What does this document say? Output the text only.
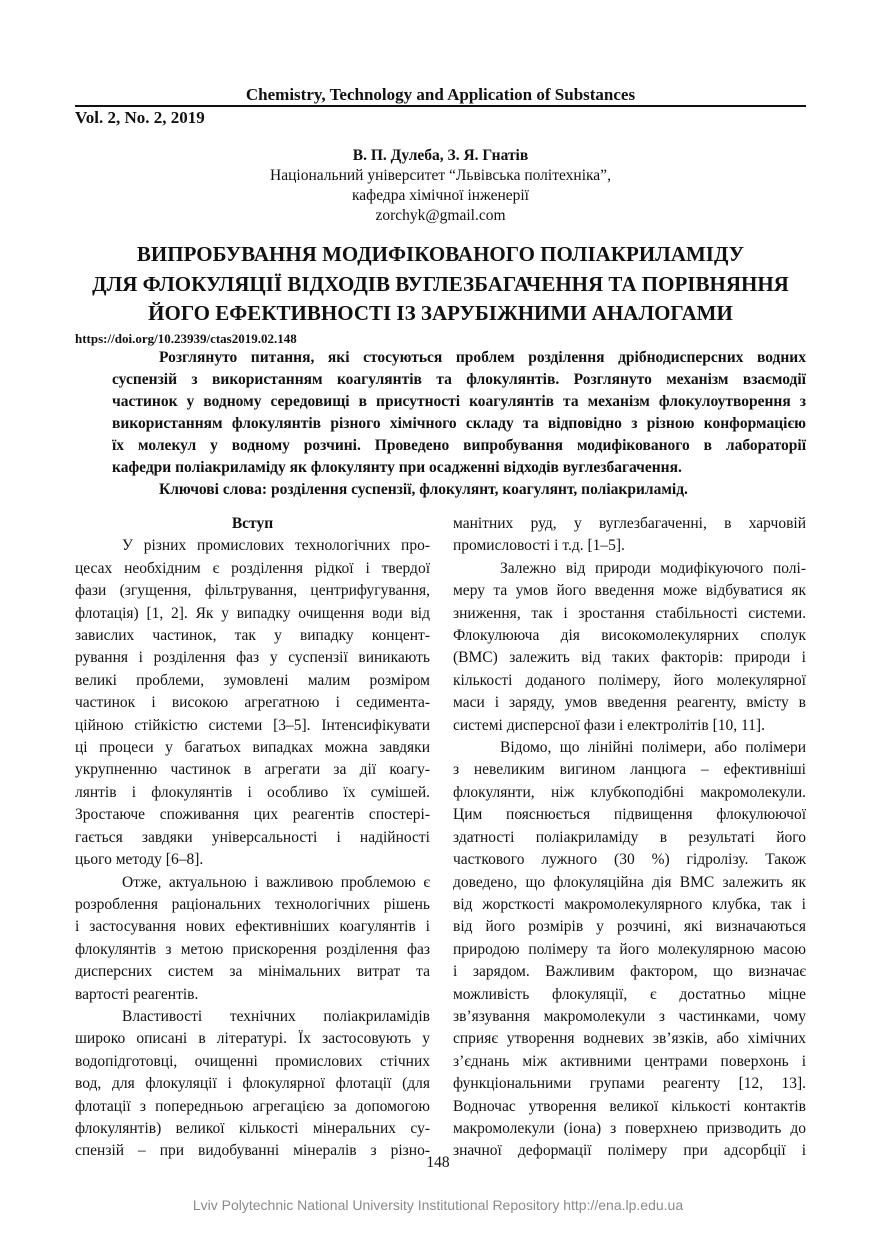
Chemistry, Technology and Application of Substances
Vol. 2, No. 2, 2019
В. П. Дулеба, З. Я. Гнатів
Національний університет “Львівська політехніка”,
кафедра хімічної інженерії
zorchyk@gmail.com
ВИПРОБУВАННЯ МОДИФІКОВАНОГО ПОЛІАКРИЛАМІДУ
ДЛЯ ФЛОКУЛЯЦІЇ ВІДХОДІВ ВУГЛЕЗБАГАЧЕННЯ ТА ПОРІВНЯННЯ
ЙОГО ЕФЕКТИВНОСТІ ІЗ ЗАРУБІЖНИМИ АНАЛОГАМИ
https://doi.org/10.23939/ctas2019.02.148
Розглянуто питання, які стосуються проблем розділення дрібнодисперсних водних
суспензій з використанням коагулянтів та флокулянтів. Розглянуто механізм взаємодії
частинок у водному середовищі в присутності коагулянтів та механізм флокулоутворення з
використанням флокулянтів різного хімічного складу та відповідно з різною конформацією
їх молекул у водному розчині. Проведено випробування модифікованого в лабораторії
кафедри поліакриламіду як флокулянту при осадженні відходів вуглезбагачення.
Ключові слова: розділення суспензії, флокулянт, коагулянт, поліакриламід.
Вступ
У різних промислових технологічних про-
цесах необхідним є розділення рідкої і твердої
фази (згущення, фільтрування, центрифугування,
флотація) [1, 2]. Як у випадку очищення води від
завислих частинок, так у випадку концент-
рування і розділення фаз у суспензії виникають
великі проблеми, зумовлені малим розміром
частинок і високою агрегатною і седимента-
ційною стійкістю системи [3–5]. Інтенсифікувати
ці процеси у багатьох випадках можна завдяки
укрупненню частинок в агрегати за дії коагу-
лянтів і флокулянтів і особливо їх сумішей.
Зростаюче споживання цих реагентів спостері-
гається завдяки універсальності і надійності
цього методу [6–8].
Отже, актуальною і важливою проблемою є
розроблення раціональних технологічних рішень
і застосування нових ефективніших коагулянтів і
флокулянтів з метою прискорення розділення фаз
дисперсних систем за мінімальних витрат та
вартості реагентів.
Властивості технічних поліакриламідів
широко описані в літературі. Їх застосовують у
водопідготовці, очищенні промислових стічних
вод, для флокуляції і флокулярної флотації (для
флотації з попередньою агрегацією за допомогою
флокулянтів) великої кількості мінеральних су-
спензій – при видобуванні мінералів з різно-
манітних руд, у вуглезбагаченні, в харчовій
промисловості і т.д. [1–5].
Залежно від природи модифікуючого полі-
меру та умов його введення може відбуватися як
зниження, так і зростання стабільності системи.
Флокулююча дія високомолекулярних сполук
(ВМС) залежить від таких факторів: природи і
кількості доданого полімеру, його молекулярної
маси і заряду, умов введення реагенту, вмісту в
системі дисперсної фази і електролітів [10, 11].
Відомо, що лінійні полімери, або полімери
з невеликим вигином ланцюга – ефективніші
флокулянти, ніж клубкоподібні макромолекули.
Цим пояснюється підвищення флокулюючої
здатності поліакриламіду в результаті його
часткового лужного (30 %) гідролізу. Також
доведено, що флокуляційна дія ВМС залежить як
від жорсткості макромолекулярного клубка, так і
від його розмірів у розчині, які визначаються
природою полімеру та його молекулярною масою
і зарядом. Важливим фактором, що визначає
можливість флокуляції, є достатньо міцне
зв’язування макромолекули з частинками, чому
сприяє утворення водневих зв’язків, або хімічних
з’єднань між активними центрами поверхонь і
функціональними групами реагенту [12, 13].
Водночас утворення великої кількості контактів
макромолекули (іона) з поверхнею призводить до
значної деформації полімеру при адсорбції і
148
Lviv Polytechnic National University Institutional Repository http://ena.lp.edu.ua
